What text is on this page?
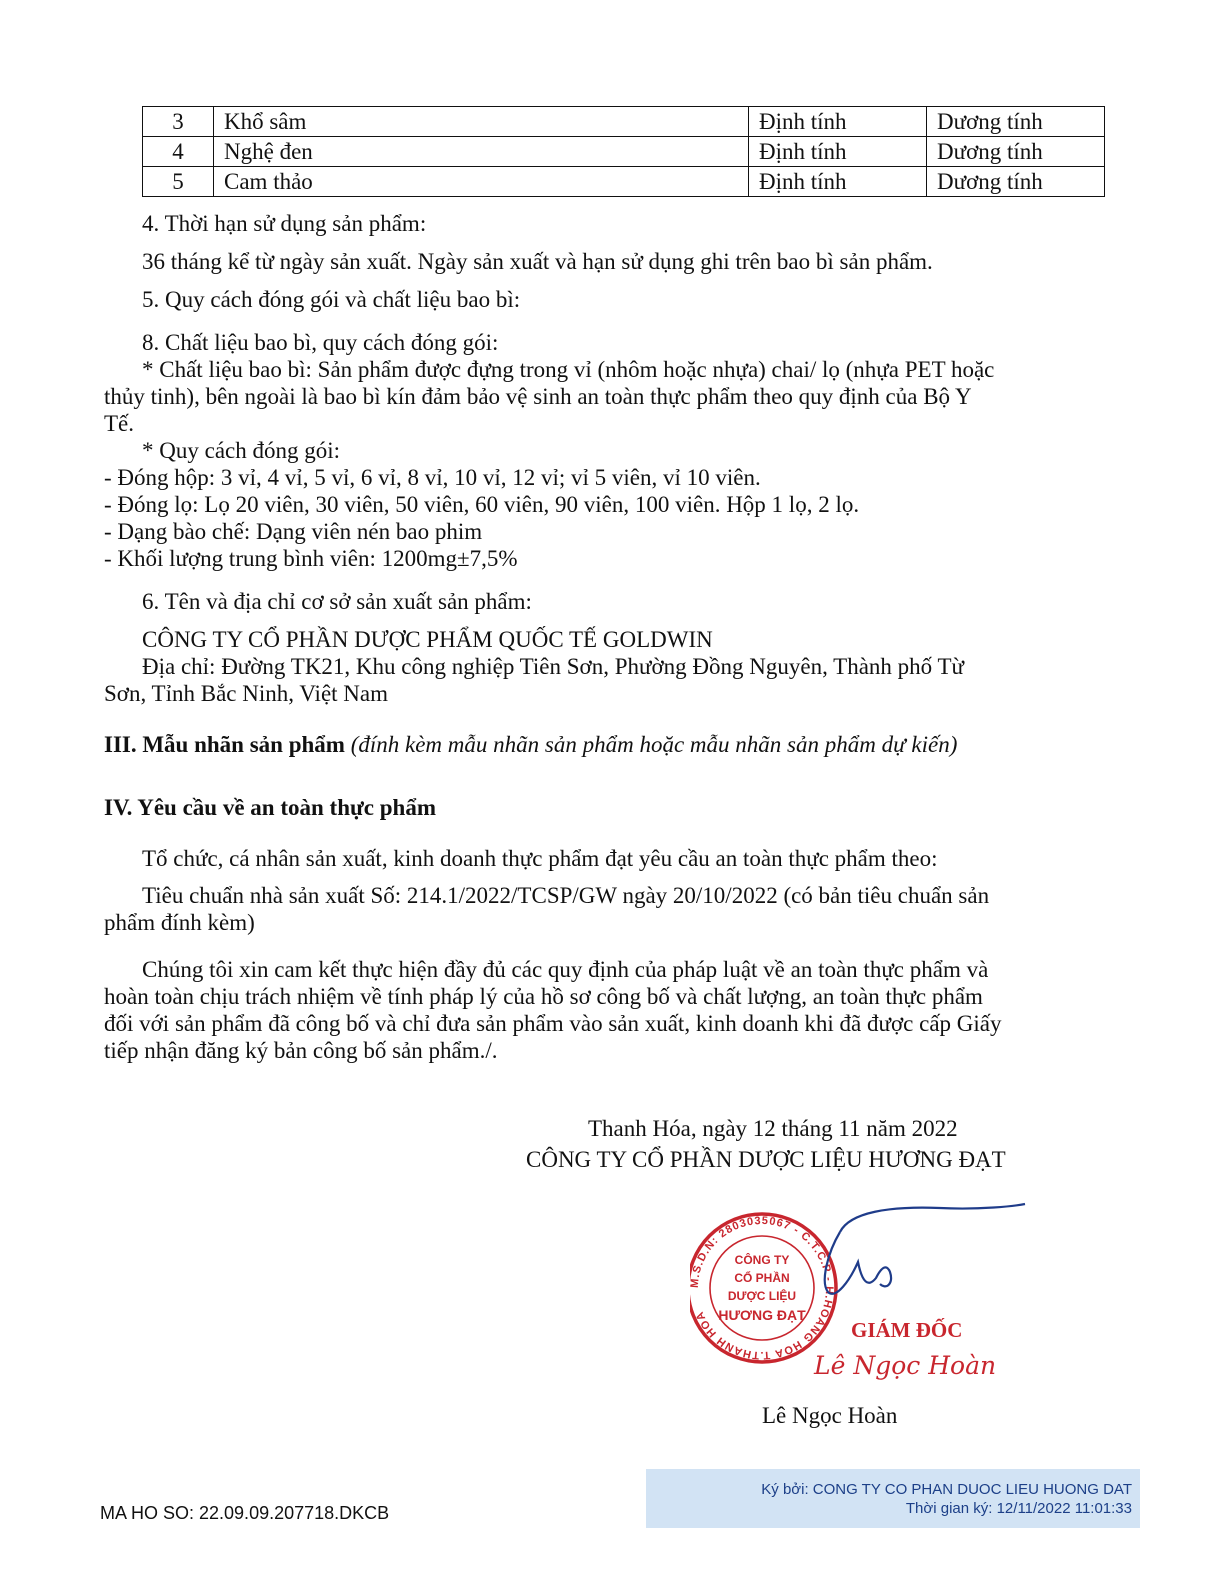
3	Khổ sâm	Định tính	Dương tính
4	Nghệ đen	Định tính	Dương tính
5	Cam thảo	Định tính	Dương tính
4. Thời hạn sử dụng sản phẩm:
36 tháng kể từ ngày sản xuất. Ngày sản xuất và hạn sử dụng ghi trên bao bì sản phẩm.
5. Quy cách đóng gói và chất liệu bao bì:
8. Chất liệu bao bì, quy cách đóng gói:
* Chất liệu bao bì: Sản phẩm được đựng trong vỉ (nhôm hoặc nhựa) chai/ lọ (nhựa PET hoặc
thủy tinh), bên ngoài là bao bì kín đảm bảo vệ sinh an toàn thực phẩm theo quy định của Bộ Y
Tế.
* Quy cách đóng gói:
- Đóng hộp: 3 vỉ, 4 vỉ, 5 vỉ, 6 vỉ, 8 vỉ, 10 vỉ, 12 vỉ; vỉ 5 viên, vỉ 10 viên.
- Đóng lọ: Lọ 20 viên, 30 viên, 50 viên, 60 viên, 90 viên, 100 viên. Hộp 1 lọ, 2 lọ.
- Dạng bào chế: Dạng viên nén bao phim
- Khối lượng trung bình viên: 1200mg±7,5%
6. Tên và địa chỉ cơ sở sản xuất sản phẩm:
CÔNG TY CỔ PHẦN DƯỢC PHẨM QUỐC TẾ GOLDWIN
Địa chỉ: Đường TK21, Khu công nghiệp Tiên Sơn, Phường Đồng Nguyên, Thành phố Từ
Sơn, Tỉnh Bắc Ninh, Việt Nam
III. Mẫu nhãn sản phẩm (đính kèm mẫu nhãn sản phẩm hoặc mẫu nhãn sản phẩm dự kiến)
IV. Yêu cầu về an toàn thực phẩm
Tổ chức, cá nhân sản xuất, kinh doanh thực phẩm đạt yêu cầu an toàn thực phẩm theo:
Tiêu chuẩn nhà sản xuất Số: 214.1/2022/TCSP/GW ngày 20/10/2022 (có bản tiêu chuẩn sản
phẩm đính kèm)
Chúng tôi xin cam kết thực hiện đầy đủ các quy định của pháp luật về an toàn thực phẩm và
hoàn toàn chịu trách nhiệm về tính pháp lý của hồ sơ công bố và chất lượng, an toàn thực phẩm
đối với sản phẩm đã công bố và chỉ đưa sản phẩm vào sản xuất, kinh doanh khi đã được cấp Giấy
tiếp nhận đăng ký bản công bố sản phẩm./.
Thanh Hóa, ngày 12 tháng 11 năm 2022
CÔNG TY CỔ PHẦN DƯỢC LIỆU HƯƠNG ĐẠT
M.S.D.N: 2803035067 - C.T.C.P - H.HOẰNG HÓA T.THANH HÓA
CÔNG TY
CỔ PHẦN
DƯỢC LIỆU
HƯƠNG ĐẠT
GIÁM ĐỐC
Lê Ngọc Hoàn
Lê Ngọc Hoàn
Ký bởi: CONG TY CO PHAN DUOC LIEU HUONG DAT
Thời gian ký: 12/11/2022 11:01:33
MA HO SO: 22.09.09.207718.DKCB
